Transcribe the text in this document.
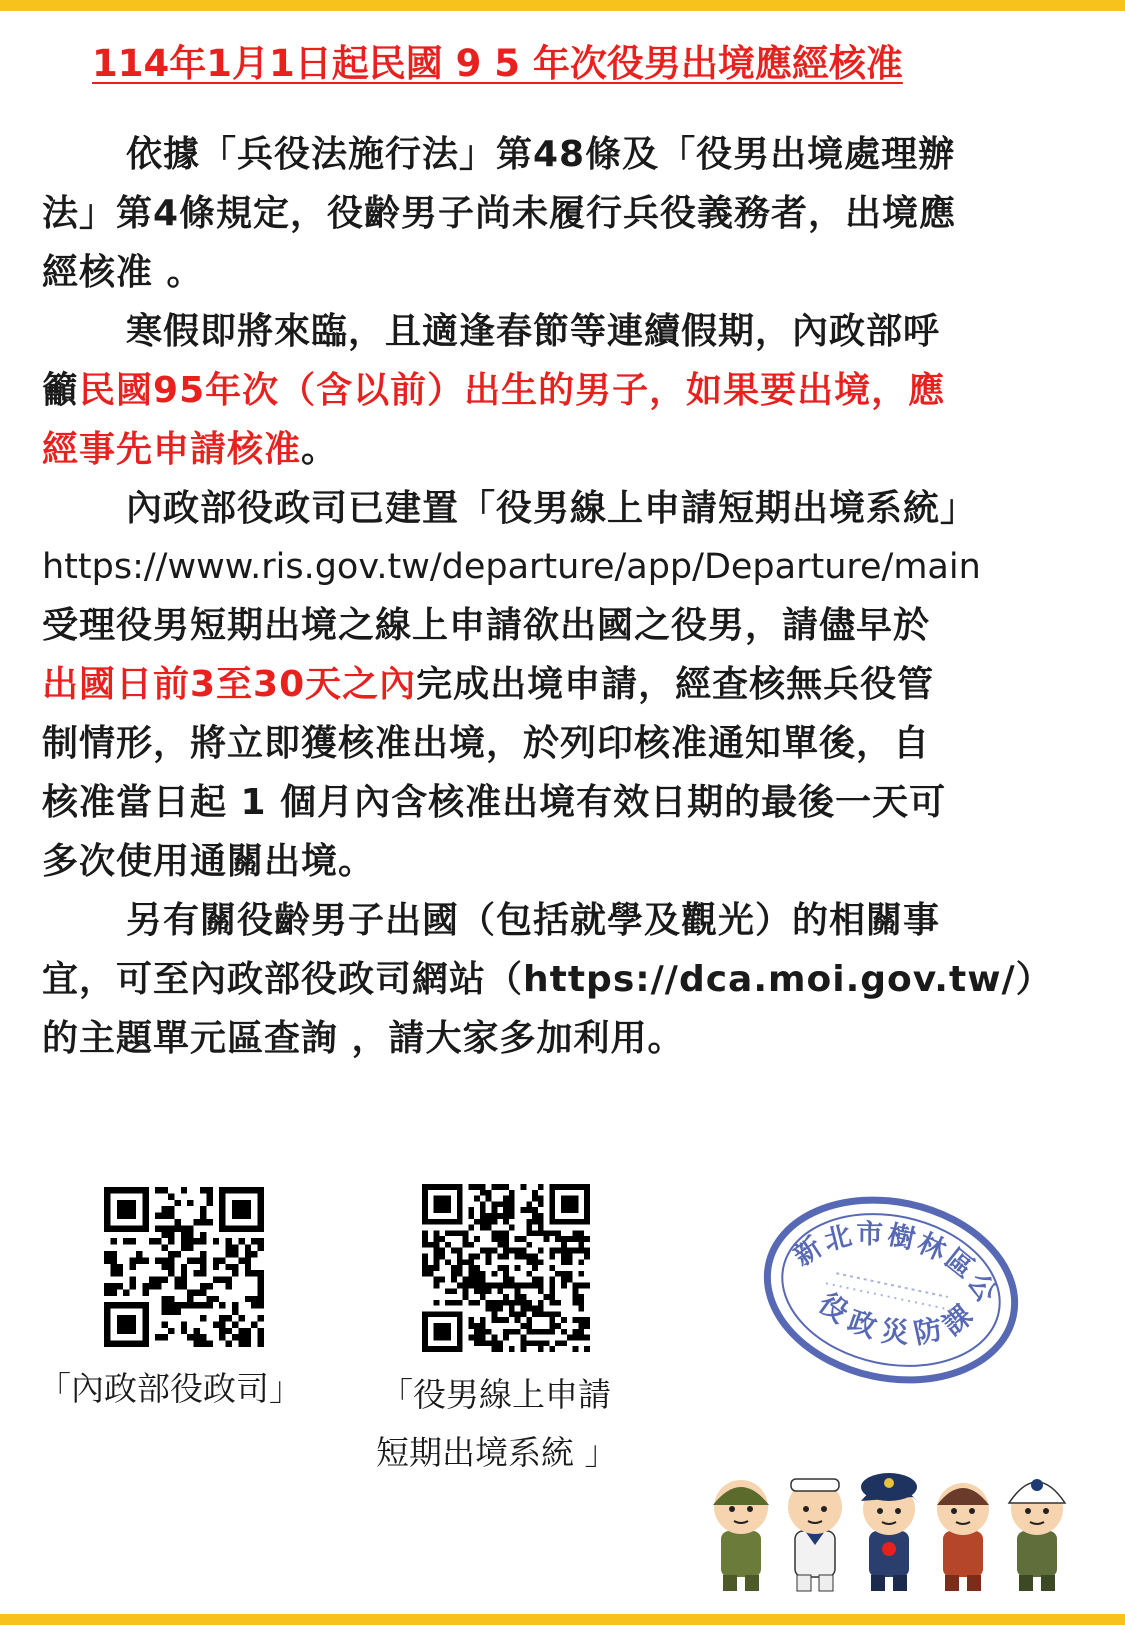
114年1月1日起民國 9 5 年次役男出境應經核准
依據「兵役法施行法」第48條及「役男出境處理辦
法」第4條規定，役齡男子尚未履行兵役義務者，出境應
經核准 。
寒假即將來臨，且適逢春節等連續假期，內政部呼
籲民國95年次（含以前）出生的男子，如果要出境，應
經事先申請核准。
內政部役政司已建置「役男線上申請短期出境系統」
https://www.ris.gov.tw/departure/app/Departure/main
受理役男短期出境之線上申請欲出國之役男，請儘早於
出國日前3至30天之內完成出境申請，經查核無兵役管
制情形，將立即獲核准出境，於列印核准通知單後，自
核准當日起 1 個月內含核准出境有效日期的最後一天可
多次使用通關出境。
另有關役齡男子出國（包括就學及觀光）的相關事
宜，可至內政部役政司網站（https://dca.moi.gov.tw/）
的主題單元區查詢 ，請大家多加利用。
「內政部役政司」 「役男線上申請
短期出境系統 」
新北市樹林區公所
役政災防課
